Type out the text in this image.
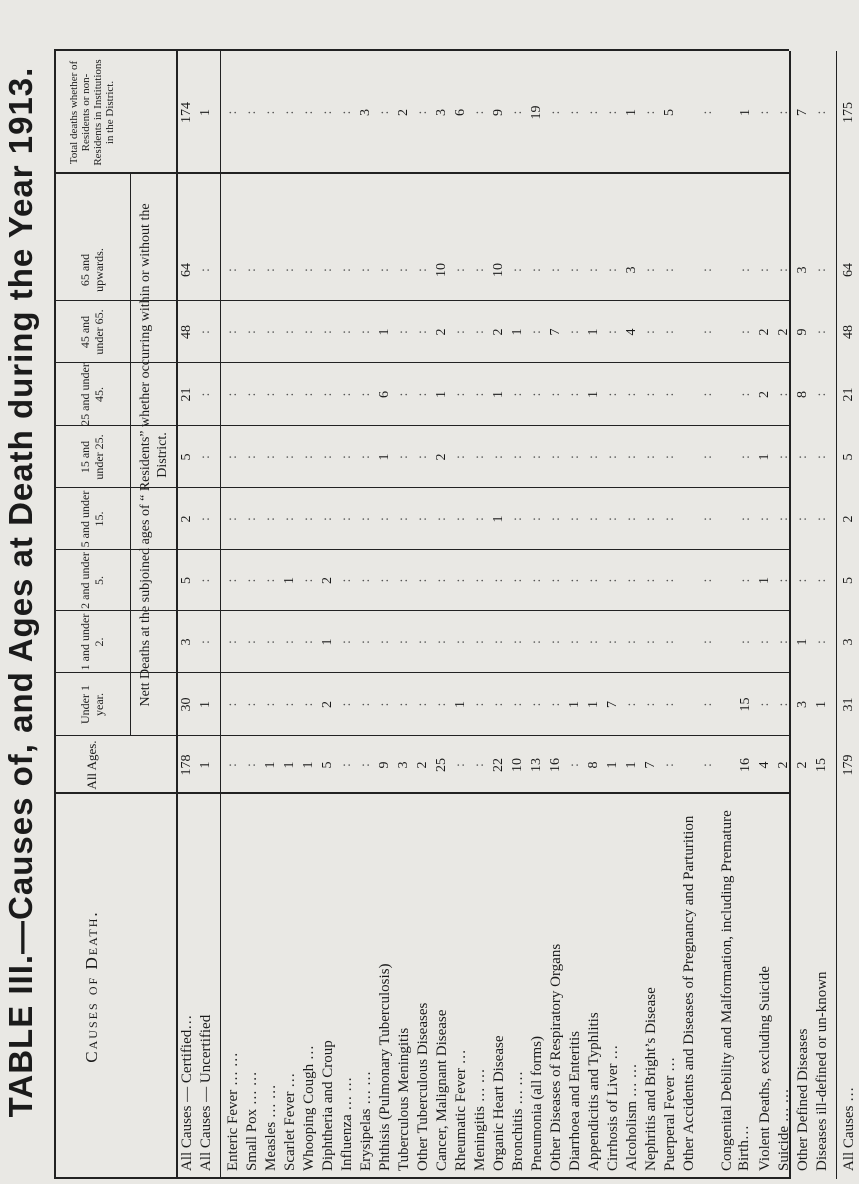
TABLE III.—Causes of, and Ages at Death during the Year 1913.	Causes of Death.
All Ages.
Nett Deaths at the subjoined ages of “ Residents” whether occurring within or without the District.
Under 1 year.
1 and under 2.
2 and under 5.
5 and under 15.
15 and under 25.
25 and under 45.
45 and under 65.
65 and upwards.
Total deaths whether of Residents or non-Residents in Institutions in the District.
All Causes — Certified…
178
30
3
5
2
5
21
48
64
174
All Causes — Uncertified
1
1
:
:
:
:
:
:
:
1
Enteric Fever … …
:
:
:
:
:
:
:
:
:
:
Small Pox … …
:
:
:
:
:
:
:
:
:
:
Measles … …
1
:
:
:
:
:
:
:
:
:
Scarlet Fever …
1
:
:
1
:
:
:
:
:
:
Whooping Cough …
1
:
:
:
:
:
:
:
:
:
Diphtheria and Croup
5
2
1
2
:
:
:
:
:
:
Influenza … …
:
:
:
:
:
:
:
:
:
:
Erysipelas … …
:
:
:
:
:
:
:
:
:
3
Phthisis (Pulmonary Tuberculosis)
9
:
:
:
:
1
6
1
:
:
Tuberculous Meningitis
3
:
:
:
:
:
:
:
:
2
Other Tuberculous Diseases
2
:
:
:
:
:
:
:
:
:
Cancer, Malignant Disease
25
:
:
:
:
2
1
2
10
3
Rheumatic Fever …
:
1
:
:
:
:
:
:
:
6
Meningitis … …
:
:
:
:
:
:
:
:
:
:
Organic Heart Disease
22
:
:
:
1
:
1
2
10
9
Bronchitis … …
10
:
:
:
:
:
:
1
:
:
Pneumonia (all forms)
13
:
:
:
:
:
:
:
:
19
Other Diseases of Respiratory Organs
16
:
:
:
:
:
:
7
:
:
Diarrhoea and Enteritis
:
1
:
:
:
:
:
:
:
:
Appendicitis and Typhlitis
8
1
:
:
:
:
1
1
:
:
Cirrhosis of Liver …
1
7
:
:
:
:
:
:
:
:
Alcoholism … …
1
:
:
:
:
:
:
4
3
1
Nephritis and Bright’s Disease
7
:
:
:
:
:
:
:
:
:
Puerperal Fever …
:
:
:
:
:
:
:
:
:
5
Other Accidents and Diseases of Pregnancy and Parturition
:
:
:
:
:
:
:
:
:
:
Congenital Debility and Malformation, including Premature Birth…
16
15
:
:
:
:
:
:
:
1
Violent Deaths, excluding Suicide
4
:
:
1
:
1
2
2
:
:
Suicide … …
2
:
:
:
:
:
:
2
:
:
Other Defined Diseases
2
3
1
:
:
:
8
9
3
7
Diseases ill-defined or un-known
15
1
:
:
:
:
:
:
:
:
All Causes …
179
31
3
5
2
5
21
48
64
175
